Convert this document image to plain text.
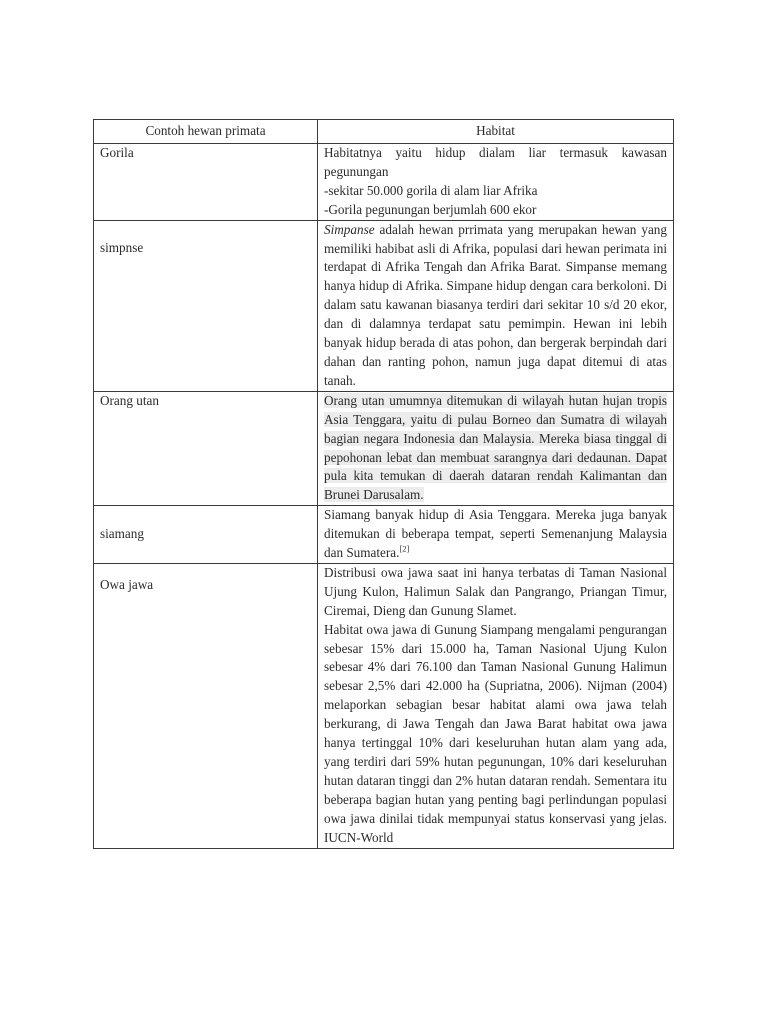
Contoh hewan primata	Habitat
Gorila	Habitatnya yaitu hidup dialam liar termasuk kawasan pegunungan

-sekitar 50.000 gorila di alam liar Afrika

-Gorila pegunungan berjumlah 600 ekor

simpnse	Simpanse adalah hewan prrimata yang merupakan hewan yang memiliki habibat asli di Afrika, populasi dari hewan perimata ini terdapat di Afrika Tengah dan Afrika Barat. Simpanse memang hanya hidup di Afrika. Simpane hidup dengan cara berkoloni. Di dalam satu kawanan biasanya terdiri dari sekitar 10 s/d 20 ekor, dan di dalamnya terdapat satu pemimpin. Hewan ini lebih banyak hidup berada di atas pohon, dan bergerak berpindah dari dahan dan ranting pohon, namun juga dapat ditemui di atas tanah.

Orang utan	Orang utan umumnya ditemukan di wilayah hutan hujan tropis Asia Tenggara, yaitu di pulau Borneo dan Sumatra di wilayah bagian negara Indonesia dan Malaysia. Mereka biasa tinggal di pepohonan lebat dan membuat sarangnya dari dedaunan. Dapat pula kita temukan di daerah dataran rendah Kalimantan dan Brunei Darusalam.

siamang	Siamang banyak hidup di Asia Tenggara. Mereka juga banyak ditemukan di beberapa tempat, seperti Semenanjung Malaysia dan Sumatera.[2]

Owa jawa	Distribusi owa jawa saat ini hanya terbatas di Taman Nasional Ujung Kulon, Halimun Salak dan Pangrango, Priangan Timur, Ciremai, Dieng dan Gunung Slamet.

Habitat owa jawa di Gunung Siampang mengalami pengurangan sebesar 15% dari 15.000 ha, Taman Nasional Ujung Kulon sebesar 4% dari 76.100 dan Taman Nasional Gunung Halimun sebesar 2,5% dari 42.000 ha (Supriatna, 2006). Nijman (2004) melaporkan sebagian besar habitat alami owa jawa telah berkurang, di Jawa Tengah dan Jawa Barat habitat owa jawa hanya tertinggal 10% dari keseluruhan hutan alam yang ada, yang terdiri dari 59% hutan pegunungan, 10% dari keseluruhan hutan dataran tinggi dan 2% hutan dataran rendah. Sementara itu beberapa bagian hutan yang penting bagi perlindungan populasi owa jawa dinilai tidak mempunyai status konservasi yang jelas. IUCN-World
